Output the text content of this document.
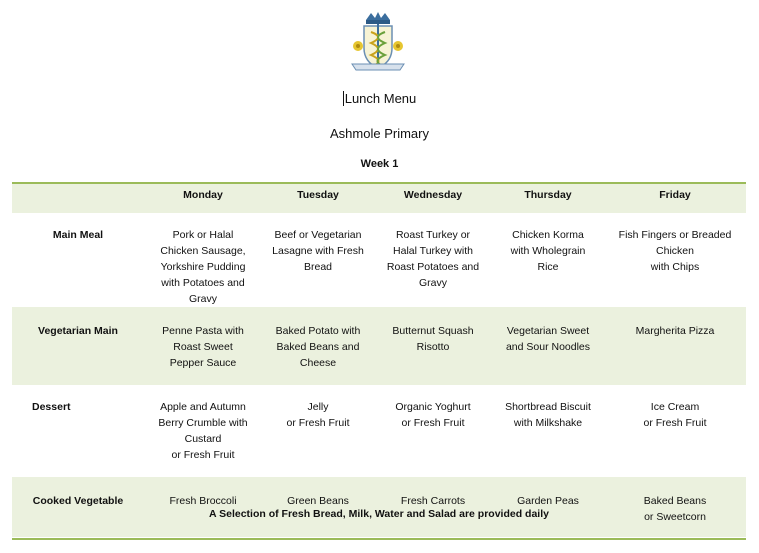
Lunch Menu
Ashmole Primary
Week 1
	Monday	Tuesday	Wednesday	Thursday	Friday

Main Meal	Pork or Halal
Chicken Sausage,
Yorkshire Pudding
with Potatoes and
Gravy	Beef or Vegetarian
Lasagne with Fresh
Bread	Roast Turkey or
Halal Turkey with
Roast Potatoes and
Gravy	Chicken Korma
with Wholegrain
Rice	Fish Fingers or Breaded
Chicken
with Chips
Vegetarian Main	Penne Pasta with
Roast Sweet
Pepper Sauce	Baked Potato with
Baked Beans and
Cheese	Butternut Squash
Risotto	Vegetarian Sweet
and Sour Noodles	Margherita Pizza
Dessert	Apple and Autumn
Berry Crumble with
Custard
or Fresh Fruit	Jelly
or Fresh Fruit	Organic Yoghurt
or Fresh Fruit	Shortbread Biscuit
with Milkshake	Ice Cream
or Fresh Fruit
Cooked Vegetable	Fresh Broccoli	Green Beans	Fresh Carrots	Garden Peas	Baked Beans
or Sweetcorn
A Selection of Fresh Bread, Milk, Water and Salad are provided daily
